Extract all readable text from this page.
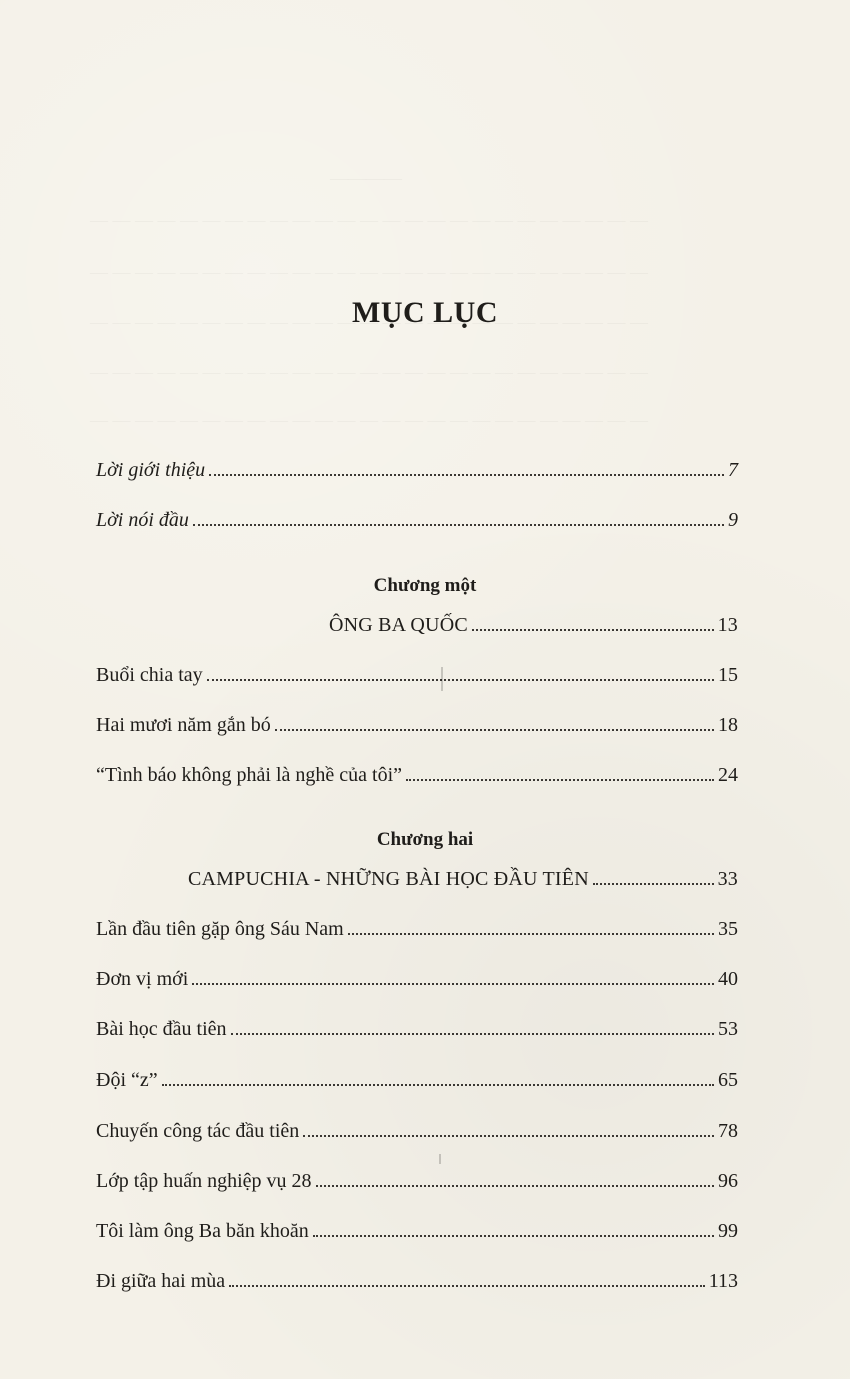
MỤC LỤC
Lời giới thiệu	7
Lời nói đầu	9
Chương một
ÔNG BA QUỐC	13
Buổi chia tay	15
Hai mươi năm gắn bó	18
“Tình báo không phải là nghề của tôi”	24
Chương hai
CAMPUCHIA - NHỮNG BÀI HỌC ĐẦU TIÊN	33
Lần đầu tiên gặp ông Sáu Nam	35
Đơn vị mới	40
Bài học đầu tiên	53
Đội “z”	65
Chuyến công tác đầu tiên	78
Lớp tập huấn nghiệp vụ 28	96
Tôi làm ông Ba băn khoăn	99
Đi giữa hai mùa	113
